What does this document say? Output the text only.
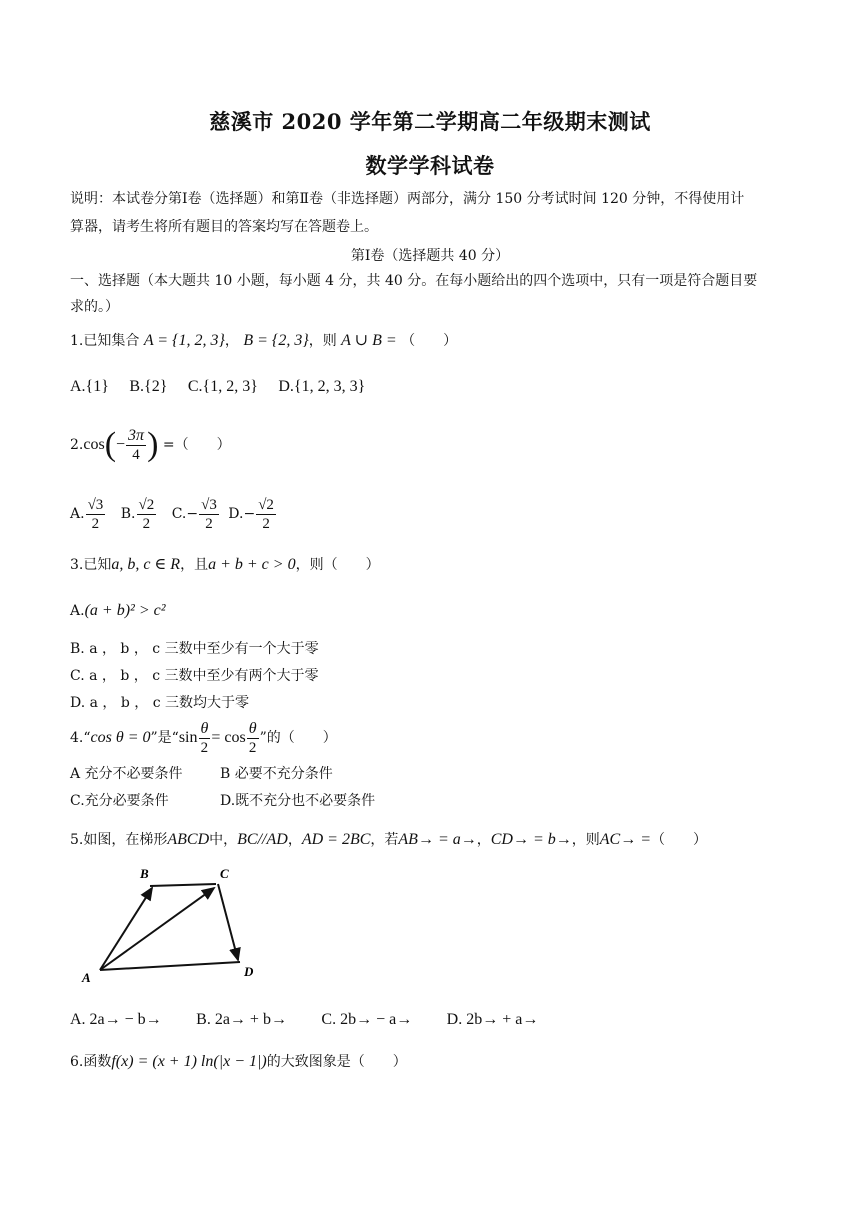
慈溪市 2020 学年第二学期高二年级期末测试
数学学科试卷
说明：本试卷分第Ⅰ卷（选择题）和第Ⅱ卷（非选择题）两部分，满分 150 分考试时间 120 分钟，不得使用计
算器，请考生将所有题目的答案均写在答题卷上。
第Ⅰ卷（选择题共 40 分）
一、选择题（本大题共 10 小题，每小题 4 分，共 40 分。在每小题给出的四个选项中，只有一项是符合题目要
求的。）
1.已知集合 A = {1, 2, 3}， B = {2, 3}，则 A ∪ B = （　　）
A.{1} B.{2} C.{1, 2, 3} D.{1, 2, 3, 3}
$2.\cos(- \frac{3\pi}{4}$ ) =（　　）
A. $\frac{√3}{2} B$. $\frac{√2}{2} C.- \frac{√3}{2} D.- \frac{√2}{2}$
3.已知a, b, c ∈ R，且a + b + c > 0，则（　　）
A.(a + b)² > c²
B. a ， b ， c 三数中至少有一个大于零
C. a ， b ， c 三数中至少有两个大于零
D. a ， b ， c 三数均大于零
4.“cos θ = 0”是“$\sin \frac{\theta}{2} = \cos \frac{\theta}{2}$ ”的（　　）
A 充分不必要条件	B 必要不充分条件
C.充分必要条件	D.既不充分也不必要条件
5.如图，在梯形ABCD中，BC//AD，AD = 2BC，若AB→ = a→，CD→ = b→，则AC→ =（　　）
A
B	C
D
A. 2a→ − b→ B. 2a→ + b→ C. 2b→ − a→ D. 2b→ + a→
6.函数f(x) = (x + 1) ln(|x − 1|)的大致图象是（　　）
